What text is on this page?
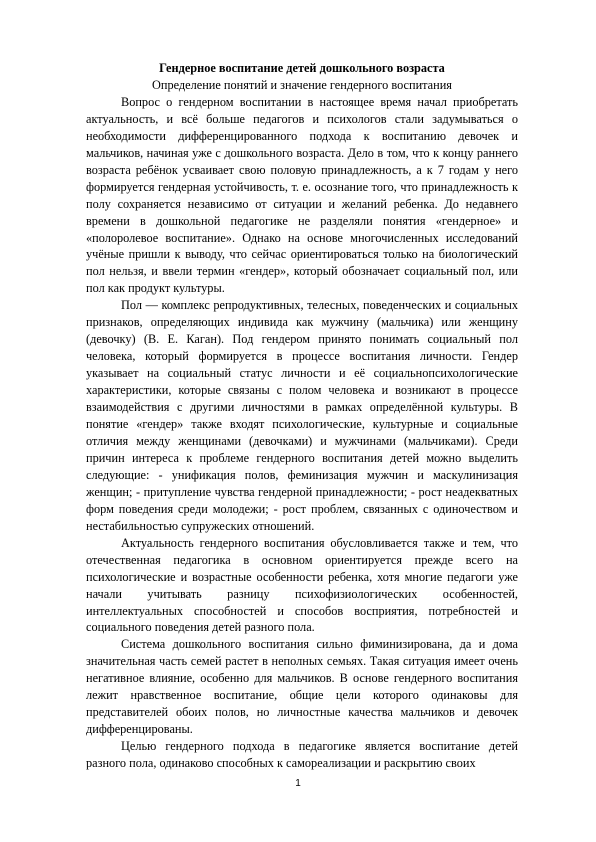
Гендерное воспитание детей дошкольного возраста

Определение понятий и значение гендерного воспитания

Вопрос о гендерном воспитании в настоящее время начал приобретать актуальность, и всё больше педагогов и психологов стали задумываться о необходимости дифференцированного подхода к воспитанию девочек и мальчиков, начиная уже с дошкольного возраста. Дело в том, что к концу раннего возраста ребёнок усваивает свою половую принадлежность, а к 7 годам у него формируется гендерная устойчивость, т. е. осознание того, что принадлежность к полу сохраняется независимо от ситуации и желаний ребенка. До недавнего времени в дошкольной педагогике не разделяли понятия «гендерное» и «полоролевое воспитание». Однако на основе многочисленных исследований учёные пришли к выводу, что сейчас ориентироваться только на биологический пол нельзя, и ввели термин «гендер», который обозначает социальный пол, или пол как продукт культуры.

Пол — комплекс репродуктивных, телесных, поведенческих и социальных признаков, определяющих индивида как мужчину (мальчика) или женщину (девочку) (В. Е. Каган). Под гендером принято понимать социальный пол человека, который формируется в процессе воспитания личности. Гендер указывает на социальный статус личности и её социальнопсихологические характеристики, которые связаны с полом человека и возникают в процессе взаимодействия с другими личностями в рамках определённой культуры. В понятие «гендер» также входят психологические, культурные и социальные отличия между женщинами (девочками) и мужчинами (мальчиками). Среди причин интереса к проблеме гендерного воспитания детей можно выделить следующие: - унификация полов, феминизация мужчин и маскулинизация женщин; - притупление чувства гендерной принадлежности; - рост неадекватных форм поведения среди молодежи; - рост проблем, связанных с одиночеством и нестабильностью супружеских отношений.

Актуальность гендерного воспитания обусловливается также и тем, что отечественная педагогика в основном ориентируется прежде всего на психологические и возрастные особенности ребенка, хотя многие педагоги уже начали учитывать разницу психофизиологических особенностей, интеллектуальных способностей и способов восприятия, потребностей и социального поведения детей разного пола.

Система дошкольного воспитания сильно фиминизирована, да и дома значительная часть семей растет в неполных семьях. Такая ситуация имеет очень негативное влияние, особенно для мальчиков. В основе гендерного воспитания лежит нравственное воспитание, общие цели которого одинаковы для представителей обоих полов, но личностные качества мальчиков и девочек дифференцированы.

Целью гендерного подхода в педагогике является воспитание детей разного пола, одинаково способных к самореализации и раскрытию своих

1
